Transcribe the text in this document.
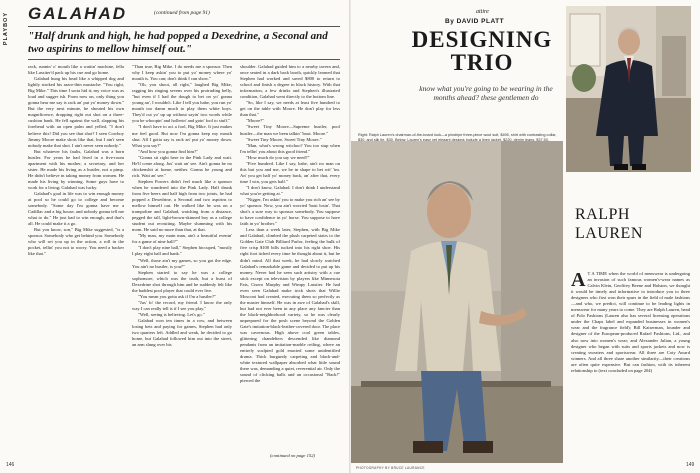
PLAYBOY GALAHAD	(continued from page 91)
"Half drunk and high, he had popped a Dexedrine, a Seconal and two aspirins to mellow himself out."

rack, runnin' o' mouth like a waitin' machine, fella like Lassiter'd pack up his cue and go home.

Galahad hung his head like a whipped dog and lightly stroked his razor-thin mustache. "You right, Big Mike." This time I sorta hid it; my voice was as loud and sugger ish. From now on, only thing you gonna hear me say is rack an' put yo' money down." But the very next minute, he shouted his own magnificence, dropping right out shot on a three-cushion bank. He fell against the wall, slapping his forehead with an open palm and yelled, "I don't believe this! Did you see that shot? I seen Cowboy Jimmy Moore make shots like that, but I ain't seen nobody make that shot. I ain't never seen nobody."

But whatever his faults, Galahad was a born hustler. For years he had lived in a five-room apartment with his mother, a secretary, and her sister. He made his living as a hustler, not a pimp. He didn't believe in taking money from women. He made his living by winning. Some guys have to work for a living; Galahad was lucky.

Galahad's goal in life was to win enough money at pool so he could go to college and become somebody. "Some day I'm gonna have me a Cadillac and a big house, and nobody gonna tell me what to do." He just had to win enough, and that's all. He could make it a go.

But you know, son," Big Mike suggested, "is a sponsor. Somebody who get behind you. Somebody who will set you up in the action, a roll in the pocket, tellin' you not to worry. You need a backer like that."

"Than true, Big Mike. I do needs me a sponsor. Then why I keep askin' you to put yo' money where yo' mouth is. You can; don't think I can show."

"Oh, you shoot, all right," laughed Big Mike, ragging his ringing sevens over his protruding belly, "but even if I had the dough to bet on yo' gonna young an', I wouldn't. Like I tell you babe, you run yo' mouth too damn much to play them white boys. They'd cut yo' up up without sayin' two words while you be whoopin' and hollerin' and goin' fool to stuff."

"I don't have to act a fool, Big Mike. It just makes me feel good. But now I'm gonna keep my mouth shut. All I gotta say is rack an' put yo' money down. What you say?"

"And how you gonna find him?"

"Gonna sit right here in the Pink Lady and wait. He'll come along. Jus' wait an' see. Ain't gonna be no chickenshit at home, neither. Gonna be young and rich. Wait an' see."

Stephen Powers didn't feel much like a sponsor when he wandered into the Pink Lady. Half drunk from five beers and half high from two joints, he had popped a Dexedrine, a Seconal and two aspirins to mellow himself out. He walked like he was on a trampoline and Galahad, watching from a distance, pegged the tall, light-brown-skinned boy as a college student out recruiting. Maybe slumming with his mom. He said no more than that, at that.

"My man, my main man, ain't a beautiful evenin' for a game of nine ball?"

"I don't play nine ball," Stephen hiccuped, "mostly I play eight ball and bank."

"Well, those ain't my games, so you got the edge. You ain't no hustler, is you?"

Stephen started to say he was a college sophomore, which was the truth, but a burst of Dexedrine shot through him and he suddenly felt like the baddest pool player that could ever live.

"You mean you gotta ask if I'm a hustler?"

"Jus' fo' the record, my friend. I know the only way I can really tell is if I see you play."

"Well, seeing is believing. Let's go."

Galahad won ten times in a row, and between losing bets and paying for games, Stephen had only two quarters left. Addled and weak, he decided to go home, but Galahad followed him out into the street, an arm slung over his

shoulder. Galahad guided him to a nearby tavern and, once seated in a dark back booth, quickly learned that Stephen had worked and saved $800 to return to school and finish a degree in black history. With that information, a few drinks and Stephen's illustrated condition, Galahad went directly to the bottom line.

"So, like I say, we needs at least five hundred to get on the table with Moore. He don't play for less than that."

"Moore?"

"Sweet Tiny Moore—Supreme hustler, pool hustler—the man we been talkin' 'bout. Moore."

"Sweet Tiny Moore, Sweet Tiny Moore."

"Man, what's wrong witchoo? You too stup when I'm tellin' you about this good friend."

"How much do you say we need?"

"Five hundred. Like I say, babe, ain't no man on this but you and me, we be in shape to bet wit' 'im. An' you get half yo' money back, an' after that, every time I win, you gets half."

"I don't know, Galahad. I don't think I understand what you're getting at."

"Nigger, I'm askin' you to make you rich an' see by yo' sponsor. Now, you ain't worried 'bout losin'. That shot's a sure way to sponsor somebody. You suppose to have confidence in yo' horse. You suppose to have faith in yo' brother."

Less than a week later, Stephen, with Big Mike and Galahad, climbed the plush carpeted stairs to the Golden Gate Club Billiard Parlor, feeling the bulk of five crisp $100 bills tucked into his right shoe. His right foot itched every time he thought about it, but he didn't mind. All that week, he had slowly watched Galahad's remarkable game and decided to put up his money. Never had he seen such artistry with a cue stick except on television by players like Minnesota Fats, Cisero Murphy and Wimpy Lassiter. He had even seen Galahad make trick shots that Willie Mosconi had created, executing them so perfectly as the master himself. He was in awe of Galahad's skill, but had not ever been in any place any fancier than the black-neighborhood variety, so he was clearly unprepared for the posh scene beyond the Golden Gate's imitation-black-leather-covered door. The place was cavernous. High above cool green tables, glittering chandeliers descended like diamond pendants from an imitation-marble ceiling, where an entirely sculpted gold enacted some unidentified drama. Thick burgundy carpeting and black-and-white textured wallpaper absorbed what little sound there was, demanding a quiet, reverential air. Only the sound of clicking balls and an occasional "Rack!" pierced the

(continued on page 152)
146
attire
By DAVID PLATT
DESIGNING TRIO
know what you're going to be wearing in the months ahead? these gentlemen do
Right: Ralph Lauren's chairman-of-the-board look—a pinstripe three-piece wool suit, $495, shirt with contrasting collar,
PHOTOGRAPHY BY BRUCE LAURANCE
RALPH LAUREN
A T A TIME when the world of menswear is undergoing an invasion of such famous women's-wear names as Calvin Klein, Geoffrey Beene and Halston, we thought it would be timely and informative to introduce you to three designers who first won their spurs in the field of male fashions—and who, we predict, will continue to be leading lights in menswear for many years to come. They are Ralph Lauren, head of Polo Fashions (Lauren also has several licensing operations under the Chaps label and expanded businesses in women's wear and the fragrance field); Bill Kaiserman, founder and designer of the European-produced Rafael Fashions, Ltd., and also now into women's wear; and Alexander Julian, a young designer who began with suits and sports jackets and now is creating sweaters and sportswear. All three are Coty Award winners. And all three share another similarity—their creations are often quite expensive. But can fashion, with its inherent relationship to (text concluded on page 204)
149
